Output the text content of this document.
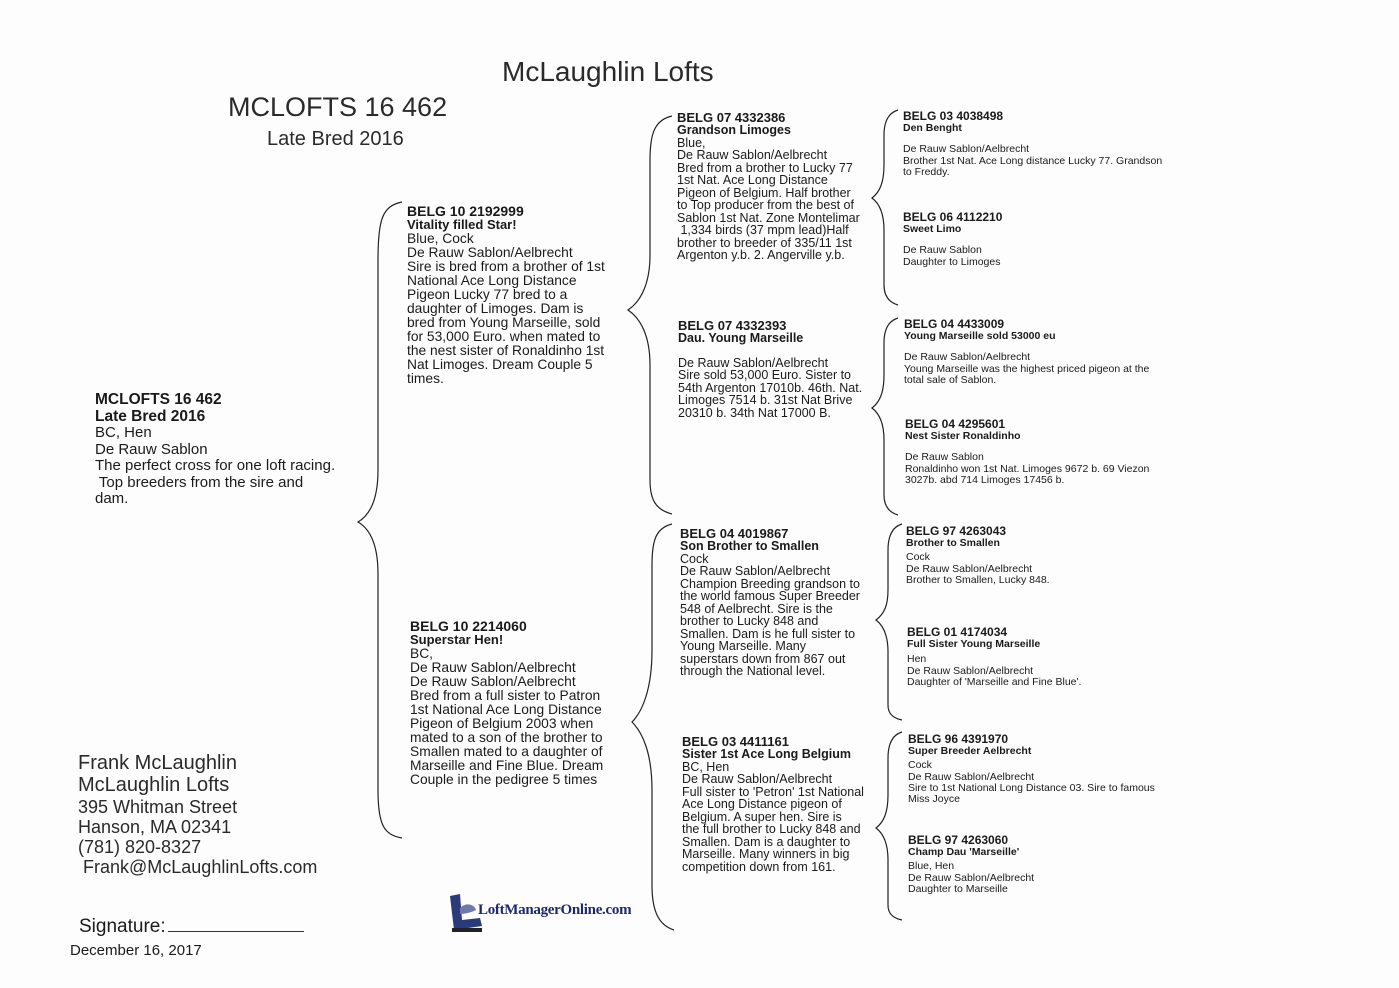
McLaughlin Lofts
MCLOFTS 16 462
Late Bred 2016
MCLOFTS 16 462
Late Bred 2016
BC, Hen
De Rauw Sablon
The perfect cross for one loft racing.
Top breeders from the sire and
dam.
BELG 10 2192999
Vitality filled Star!
Blue, Cock
De Rauw Sablon/Aelbrecht
Sire is bred from a brother of 1st
National Ace Long Distance
Pigeon Lucky 77 bred to a
daughter of Limoges. Dam is
bred from Young Marseille, sold
for 53,000 Euro. when mated to
the nest sister of Ronaldinho 1st
Nat Limoges. Dream Couple 5
times.
BELG 10 2214060
Superstar Hen!
BC,
De Rauw Sablon/Aelbrecht
De Rauw Sablon/Aelbrecht
Bred from a full sister to Patron
1st National Ace Long Distance
Pigeon of Belgium 2003 when
mated to a son of the brother to
Smallen mated to a daughter of
Marseille and Fine Blue. Dream
Couple in the pedigree 5 times
BELG 07 4332386
Grandson Limoges
Blue,
De Rauw Sablon/Aelbrecht
Bred from a brother to Lucky 77
1st Nat. Ace Long Distance
Pigeon of Belgium. Half brother
to Top producer from the best of
Sablon 1st Nat. Zone Montelimar
1,334 birds (37 mpm lead)Half
brother to breeder of 335/11 1st
Argenton y.b. 2. Angerville y.b.
BELG 07 4332393
Dau. Young Marseille
De Rauw Sablon/Aelbrecht
Sire sold 53,000 Euro. Sister to
54th Argenton 17010b. 46th. Nat.
Limoges 7514 b. 31st Nat Brive
20310 b. 34th Nat 17000 B.
BELG 04 4019867
Son Brother to Smallen
Cock
De Rauw Sablon/Aelbrecht
Champion Breeding grandson to
the world famous Super Breeder
548 of Aelbrecht. Sire is the
brother to Lucky 848 and
Smallen. Dam is he full sister to
Young Marseille. Many
superstars down from 867 out
through the National level.
BELG 03 4411161
Sister 1st Ace Long Belgium
BC, Hen
De Rauw Sablon/Aelbrecht
Full sister to 'Petron' 1st National
Ace Long Distance pigeon of
Belgium. A super hen. Sire is
the full brother to Lucky 848 and
Smallen. Dam is a daughter to
Marseille. Many winners in big
competition down from 161.
BELG 03 4038498
Den Benght
De Rauw Sablon/Aelbrecht
Brother 1st Nat. Ace Long distance Lucky 77. Grandson
to Freddy.
BELG 06 4112210
Sweet Limo
De Rauw Sablon
Daughter to Limoges
BELG 04 4433009
Young Marseille sold 53000 eu
De Rauw Sablon/Aelbrecht
Young Marseille was the highest priced pigeon at the
total sale of Sablon.
BELG 04 4295601
Nest Sister Ronaldinho
De Rauw Sablon
Ronaldinho won 1st Nat. Limoges 9672 b. 69 Viezon
3027b. abd 714 Limoges 17456 b.
BELG 97 4263043
Brother to Smallen
Cock
De Rauw Sablon/Aelbrecht
Brother to Smallen, Lucky 848.
BELG 01 4174034
Full Sister Young Marseille
Hen
De Rauw Sablon/Aelbrecht
Daughter of 'Marseille and Fine Blue'.
BELG 96 4391970
Super Breeder Aelbrecht
Cock
De Rauw Sablon/Aelbrecht
Sire to 1st National Long Distance 03. Sire to famous
Miss Joyce
BELG 97 4263060
Champ Dau 'Marseille'
Blue, Hen
De Rauw Sablon/Aelbrecht
Daughter to Marseille
Frank McLaughlin
McLaughlin Lofts
395 Whitman Street
Hanson, MA 02341
(781) 820-8327
Frank@McLaughlinLofts.com
Signature:
December 16, 2017
LoftManagerOnline.com
